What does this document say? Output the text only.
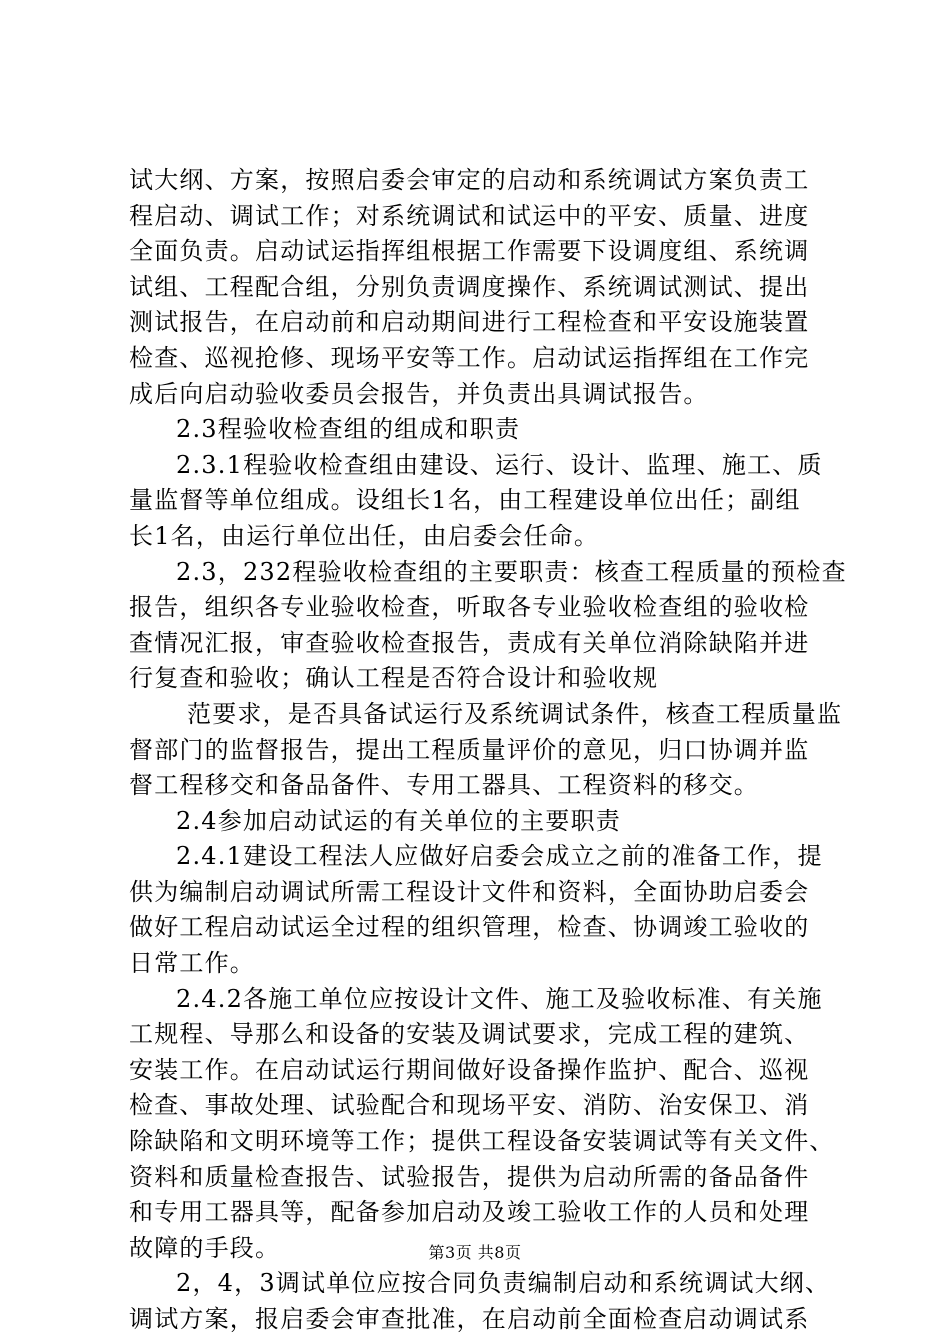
试大纲、方案，按照启委会审定的启动和系统调试方案负责工
程启动、调试工作；对系统调试和试运中的平安、质量、进度
全面负责。启动试运指挥组根据工作需要下设调度组、系统调
试组、工程配合组，分别负责调度操作、系统调试测试、提出
测试报告，在启动前和启动期间进行工程检查和平安设施装置
检查、巡视抢修、现场平安等工作。启动试运指挥组在工作完
成后向启动验收委员会报告，并负责出具调试报告。
2.3程验收检查组的组成和职责
2.3.1程验收检查组由建设、运行、设计、监理、施工、质
量监督等单位组成。设组长1名，由工程建设单位出任；副组
长1名，由运行单位出任，由启委会任命。
2.3，232程验收检查组的主要职责：核查工程质量的预检查
报告，组织各专业验收检查，听取各专业验收检查组的验收检
查情况汇报，审查验收检查报告，责成有关单位消除缺陷并进
行复查和验收；确认工程是否符合设计和验收规
范要求，是否具备试运行及系统调试条件，核查工程质量监
督部门的监督报告，提出工程质量评价的意见，归口协调并监
督工程移交和备品备件、专用工器具、工程资料的移交。
2.4参加启动试运的有关单位的主要职责
2.4.1建设工程法人应做好启委会成立之前的准备工作，提
供为编制启动调试所需工程设计文件和资料，全面协助启委会
做好工程启动试运全过程的组织管理，检查、协调竣工验收的
日常工作。
2.4.2各施工单位应按设计文件、施工及验收标准、有关施
工规程、导那么和设备的安装及调试要求，完成工程的建筑、
安装工作。在启动试运行期间做好设备操作监护、配合、巡视
检查、事故处理、试验配合和现场平安、消防、治安保卫、消
除缺陷和文明环境等工作；提供工程设备安装调试等有关文件、
资料和质量检查报告、试验报告，提供为启动所需的备品备件
和专用工器具等，配备参加启动及竣工验收工作的人员和处理
故障的手段。
2，4，3调试单位应按合同负责编制启动和系统调试大纲、
调试方案，报启委会审查批准，在启动前全面检查启动调试系
第3页 共8页
